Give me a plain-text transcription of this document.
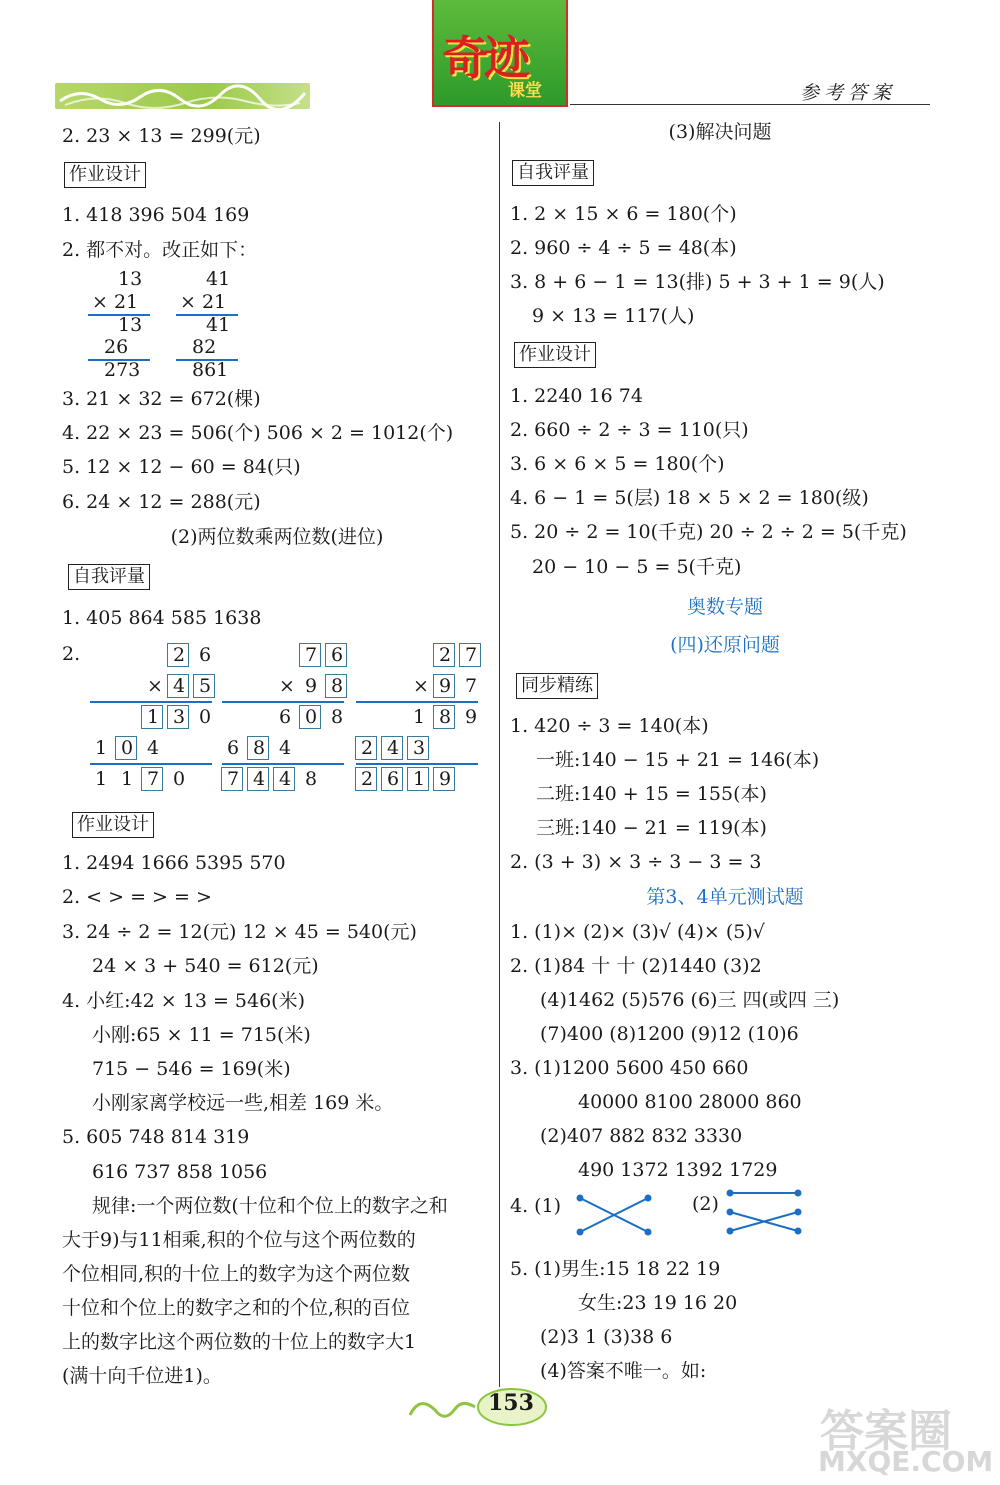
奇迹
课堂	参考答案
2. 23 × 13 = 299(元)
作业设计
1. 418 396 504 169
2. 都不对。改正如下：
13
× 21
13
26
273
41
× 21
41
82
861
3. 21 × 32 = 672(棵)
4. 22 × 23 = 506(个) 506 × 2 = 1012(个)
5. 12 × 12 − 60 = 84(只)
6. 24 × 12 = 288(元)
(2)两位数乘两位数(进位)
自我评量
1. 405 864 585 1638
2.	2 6
× 4 5
1 3 0
1 0 4
1 1 7 0
7 6
× 9 8
6 0 8
6 8 4
7 4 4 8
2 7
× 9 7
1 8 9
2 4 3
2 6 1 9
作业设计
1. 2494 1666 5395 570
2. < > = > = >
3. 24 ÷ 2 = 12(元) 12 × 45 = 540(元)
24 × 3 + 540 = 612(元)
4. 小红:42 × 13 = 546(米)
小刚:65 × 11 = 715(米)
715 − 546 = 169(米)
小刚家离学校远一些,相差 169 米。
5. 605 748 814 319
616 737 858 1056
规律:一个两位数(十位和个位上的数字之和
大于9)与11相乘,积的个位与这个两位数的
个位相同,积的十位上的数字为这个两位数
十位和个位上的数字之和的个位,积的百位
上的数字比这个两位数的十位上的数字大1
(满十向千位进1)。
(3)解决问题
自我评量
1. 2 × 15 × 6 = 180(个)
2. 960 ÷ 4 ÷ 5 = 48(本)
3. 8 + 6 − 1 = 13(排) 5 + 3 + 1 = 9(人)
9 × 13 = 117(人)
作业设计
1. 2240 16 74
2. 660 ÷ 2 ÷ 3 = 110(只)
3. 6 × 6 × 5 = 180(个)
4. 6 − 1 = 5(层) 18 × 5 × 2 = 180(级)
5. 20 ÷ 2 = 10(千克) 20 ÷ 2 ÷ 2 = 5(千克)
20 − 10 − 5 = 5(千克)
奥数专题
(四)还原问题
同步精练
1. 420 ÷ 3 = 140(本)
一班:140 − 15 + 21 = 146(本)
二班:140 + 15 = 155(本)
三班:140 − 21 = 119(本)
2. (3 + 3) × 3 ÷ 3 − 3 = 3
第3、4单元测试题
1. (1)× (2)× (3)√ (4)× (5)√
2. (1)84 十 十 (2)1440 (3)2
(4)1462 (5)576 (6)三 四(或四 三)
(7)400 (8)1200 (9)12 (10)6
3. (1)1200 5600 450 660
40000 8100 28000 860
(2)407 882 832 3330
490 1372 1392 1729
4. (1)	(2)
5. (1)男生:15 18 22 19
女生:23 19 16 20
(2)3 1 (3)38 6
(4)答案不唯一。如:
153
答案圈
MXQE.COM
